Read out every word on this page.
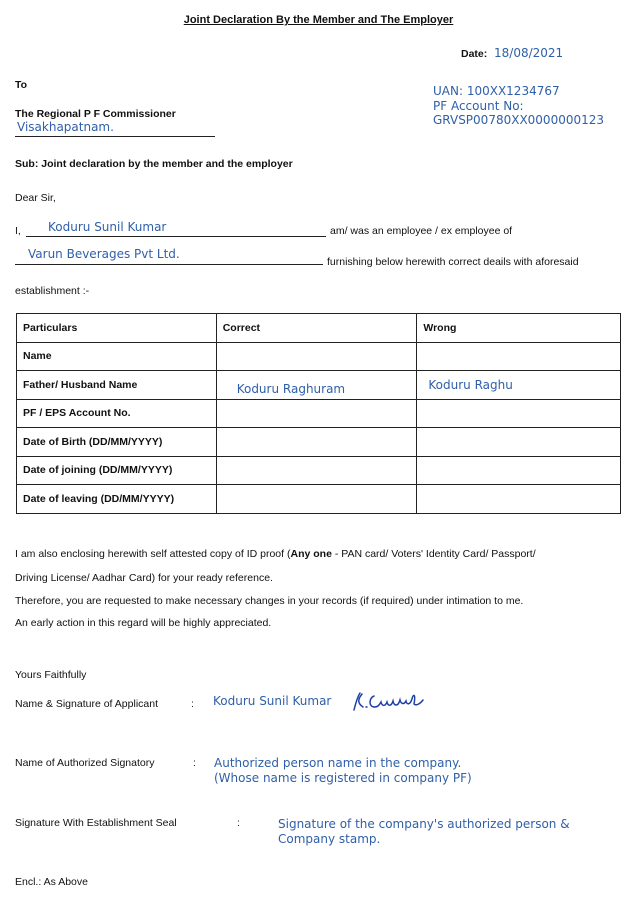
Joint Declaration By the Member and The Employer
Date: 18/08/2021
To
The Regional P F Commissioner
Visakhapatnam.
UAN: 100XX1234767
PF Account No:
GRVSP00780XX0000000123
Sub: Joint declaration by the member and the employer
Dear Sir,
I, Koduru Sunil Kumar	am/ was an employee / ex employee of
Varun Beverages Pvt Ltd.
furnishing below herewith correct deails with aforesaid
establishment :-
Particulars	Correct	Wrong
Name		
Father/ Husband Name	Koduru Raghuram	Koduru Raghu
PF / EPS Account No.		
Date of Birth (DD/MM/YYYY)		
Date of joining (DD/MM/YYYY)		
Date of leaving (DD/MM/YYYY)		
I am also enclosing herewith self attested copy of ID proof (Any one - PAN card/ Voters' Identity Card/ Passport/
Driving License/ Aadhar Card) for your ready reference.
Therefore, you are requested to make necessary changes in your records (if required) under intimation to me.
An early action in this regard will be highly appreciated.
Yours Faithfully
Name & Signature of Applicant	: Koduru Sunil Kumar
Name of Authorized Signatory	: Authorized person name in the company.
(Whose name is registered in company PF)
Signature With Establishment Seal	:	Signature of the company's authorized person &
Company stamp.
Encl.: As Above
